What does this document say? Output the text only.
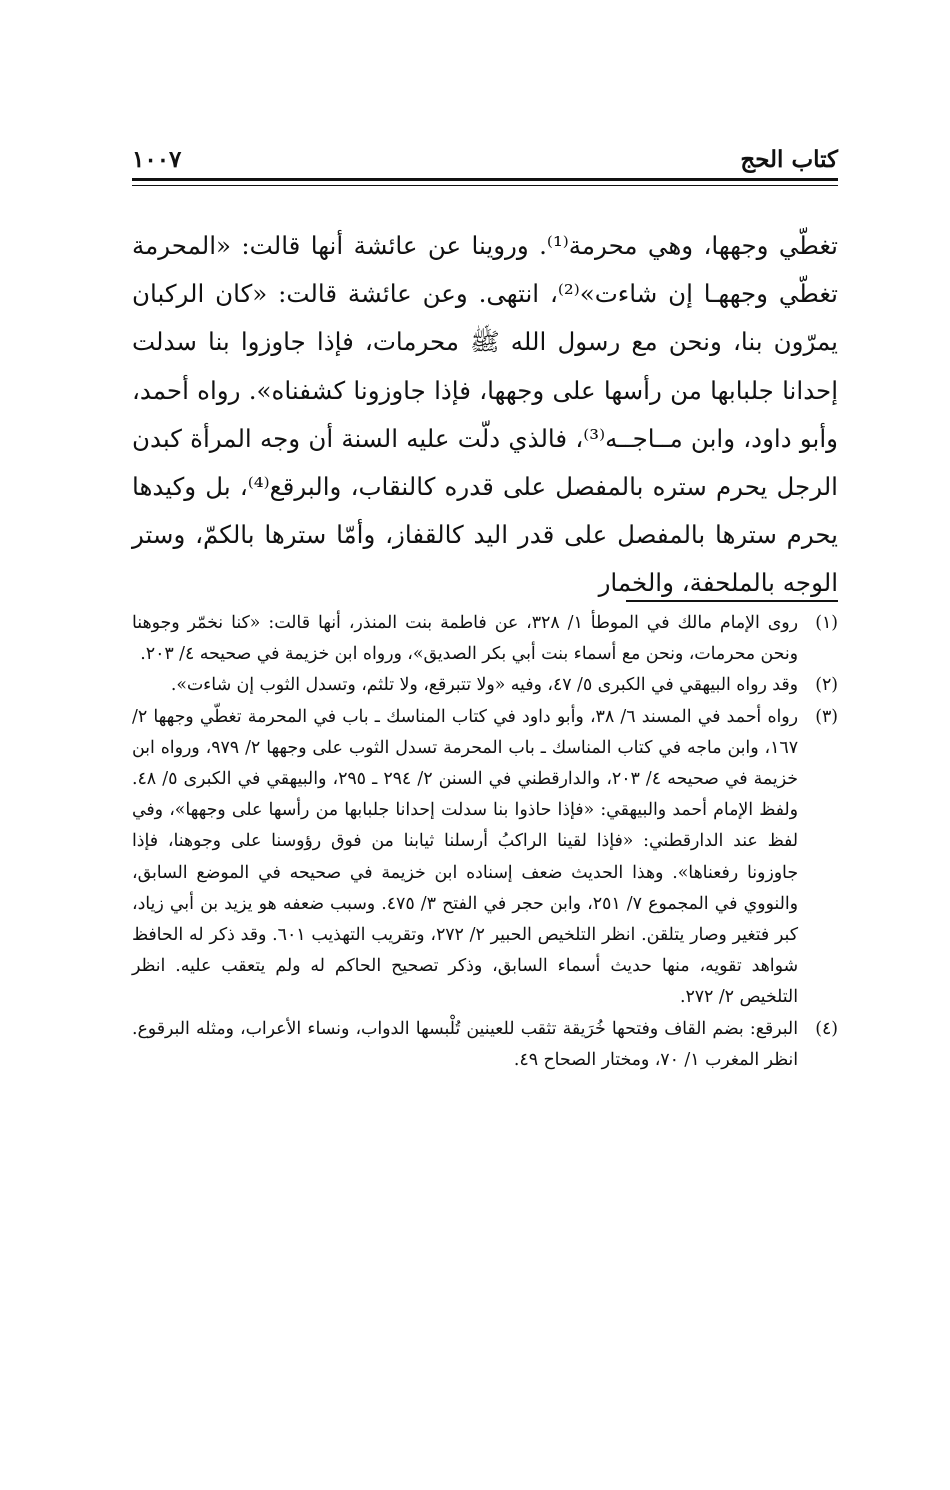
كتاب الحج
١٠٠٧

تغطّي وجهها، وهي محرمة⁽¹⁾. وروينا عن عائشة أنها قالت: «المحرمة تغطّي وجههـا إن شاءت»⁽²⁾، انتهى. وعن عائشة قالت: «كان الركبان يمرّون بنا، ونحن مع رسول الله ﷺ محرمات، فإذا جاوزوا بنا سدلت إحدانا جلبابها من رأسها على وجهها، فإذا جاوزونا كشفناه». رواه أحمد، وأبو داود، وابن مــاجــه⁽³⁾، فالذي دلّت عليه السنة أن وجه المرأة كبدن الرجل يحرم ستره بالمفصل على قدره كالنقاب، والبرقع⁽⁴⁾، بل وكيدها يحرم سترها بالمفصل على قدر اليد كالقفاز، وأمّا سترها بالكمّ، وستر الوجه بالملحفة، والخمار

(١)
روى الإمام مالك في الموطأ ١/ ٣٢٨، عن فاطمة بنت المنذر، أنها قالت: «كنا نخمّر وجوهنا ونحن محرمات، ونحن مع أسماء بنت أبي بكر الصديق»، ورواه ابن خزيمة في صحيحه ٤/ ٢٠٣.
(٢)
وقد رواه البيهقي في الكبرى ٥/ ٤٧، وفيه «ولا تتبرقع، ولا تلثم، وتسدل الثوب إن شاءت».
(٣)
رواه أحمد في المسند ٦/ ٣٨، وأبو داود في كتاب المناسك ـ باب في المحرمة تغطّي وجهها ٢/ ١٦٧، وابن ماجه في كتاب المناسك ـ باب المحرمة تسدل الثوب على وجهها ٢/ ٩٧٩، ورواه ابن خزيمة في صحيحه ٤/ ٢٠٣، والدارقطني في السنن ٢/ ٢٩٤ ـ ٢٩٥، والبيهقي في الكبرى ٥/ ٤٨. ولفظ الإمام أحمد والبيهقي: «فإذا حاذوا بنا سدلت إحدانا جلبابها من رأسها على وجهها»، وفي لفظ عند الدارقطني: «فإذا لقينا الراكبُ أرسلنا ثيابنا من فوق رؤوسنا على وجوهنا، فإذا جاوزونا رفعناها». وهذا الحديث ضعف إسناده ابن خزيمة في صحيحه في الموضع السابق، والنووي في المجموع ٧/ ٢٥١، وابن حجر في الفتح ٣/ ٤٧٥. وسبب ضعفه هو يزيد بن أبي زياد، كبر فتغير وصار يتلقن. انظر التلخيص الحبير ٢/ ٢٧٢، وتقريب التهذيب ٦٠١. وقد ذكر له الحافظ شواهد تقويه، منها حديث أسماء السابق، وذكر تصحيح الحاكم له ولم يتعقب عليه. انظر التلخيص ٢/ ٢٧٢.
(٤)
البرقع: بضم القاف وفتحها خُرَيقة تثقب للعينين تُلْبسها الدواب، ونساء الأعراب، ومثله البرقوع. انظر المغرب ١/ ٧٠، ومختار الصحاح ٤٩.
